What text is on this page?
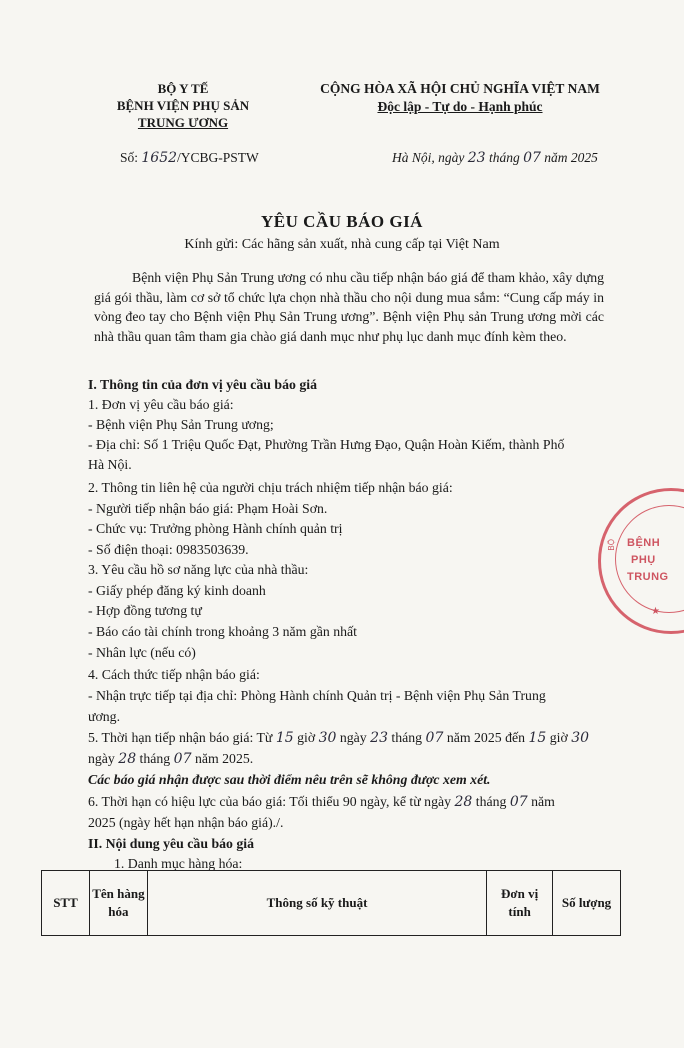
BỘ Y TẾ
BỆNH VIỆN PHỤ SẢN
TRUNG ƯƠNG
CỘNG HÒA XÃ HỘI CHỦ NGHĨA VIỆT NAM
Độc lập - Tự do - Hạnh phúc
Số: 1652/YCBG-PSTW	Hà Nội, ngày 23 tháng 07 năm 2025
YÊU CẦU BÁO GIÁ
Kính gửi: Các hãng sản xuất, nhà cung cấp tại Việt Nam
Bệnh viện Phụ Sản Trung ương có nhu cầu tiếp nhận báo giá để tham khảo, xây dựng giá gói thầu, làm cơ sở tổ chức lựa chọn nhà thầu cho nội dung mua sắm: “Cung cấp máy in vòng đeo tay cho Bệnh viện Phụ Sản Trung ương”. Bệnh viện Phụ sản Trung ương mời các nhà thầu quan tâm tham gia chào giá danh mục như phụ lục danh mục đính kèm theo.
I. Thông tin của đơn vị yêu cầu báo giá
1. Đơn vị yêu cầu báo giá:
- Bệnh viện Phụ Sản Trung ương;
- Địa chỉ: Số 1 Triệu Quốc Đạt, Phường Trần Hưng Đạo, Quận Hoàn Kiếm, thành Phố
Hà Nội.
2. Thông tin liên hệ của người chịu trách nhiệm tiếp nhận báo giá:
- Người tiếp nhận báo giá: Phạm Hoài Sơn.
- Chức vụ: Trưởng phòng Hành chính quản trị
- Số điện thoại: 0983503639.
3. Yêu cầu hồ sơ năng lực của nhà thầu:
- Giấy phép đăng ký kinh doanh
- Hợp đồng tương tự
- Báo cáo tài chính trong khoảng 3 năm gần nhất
- Nhân lực (nếu có)
4. Cách thức tiếp nhận báo giá:
- Nhận trực tiếp tại địa chỉ: Phòng Hành chính Quản trị - Bệnh viện Phụ Sản Trung
ương.
5. Thời hạn tiếp nhận báo giá: Từ 15 giờ 30 ngày 23 tháng 07 năm 2025 đến 15 giờ 30
ngày 28 tháng 07 năm 2025.
Các báo giá nhận được sau thời điểm nêu trên sẽ không được xem xét.
6. Thời hạn có hiệu lực của báo giá: Tối thiểu 90 ngày, kể từ ngày 28 tháng 07 năm
2025 (ngày hết hạn nhận báo giá)./.
II. Nội dung yêu cầu báo giá
1. Danh mục hàng hóa:
STT	Tên hàng hóa	Thông số kỹ thuật	Đơn vị tính	Số lượng
BỘ BỆNH
PHỤ
TRUNG
★
